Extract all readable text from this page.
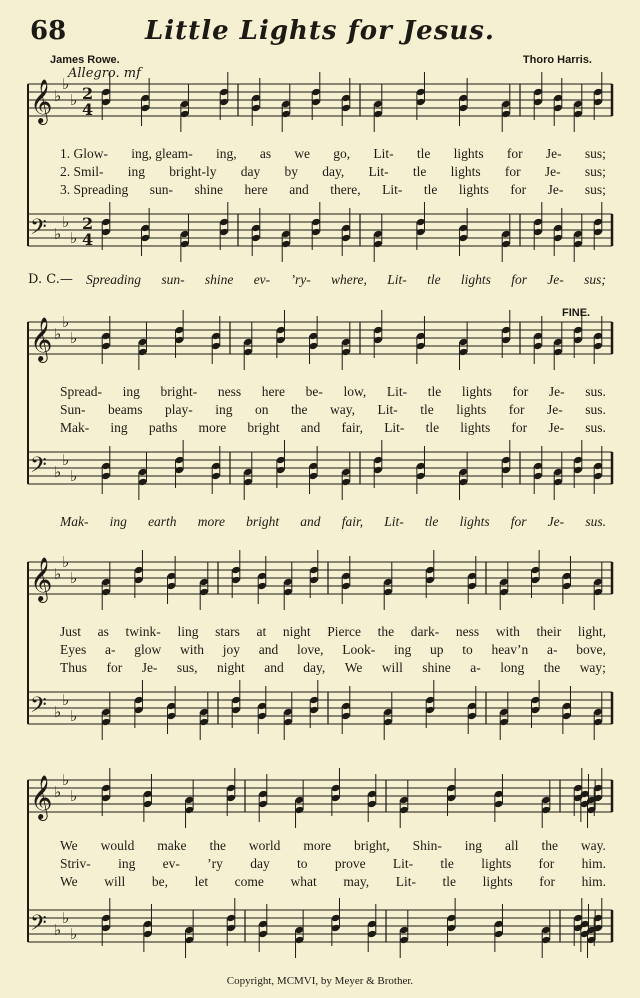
68	Little Lights for Jesus.
James Rowe.	Thoro Harris.
Allegro. mf
FINE.
𝄞 ♭
♭
♭ 2
4
𝄢 ♭
♭
♭
2
4
𝄞 ♭
♭
♭
𝄢 ♭
♭
♭
𝄞 ♭
♭
♭
𝄢 ♭
♭
♭
𝄞 ♭
♭
♭
𝄢 ♭
♭
♭
1. Glow- ing, gleam- ing, as we go, Lit- tle lights for Je- sus;
2. Smil- ing bright-ly day by day, Lit- tle lights for Je- sus;
3. Spreading sun- shine here and there, Lit- tle lights for Je- sus;
D. C.— Spreading sun- shine ev- ’ry- where, Lit- tle lights for Je- sus;
Spread- ing bright- ness here be- low, Lit- tle lights for Je- sus.
Sun- beams play- ing on the way, Lit- tle lights for Je- sus.
Mak- ing paths more bright and fair, Lit- tle lights for Je- sus.
Mak- ing earth more bright and fair, Lit- tle lights for Je- sus.
Just as twink- ling stars at night Pierce the dark- ness with their light,
Eyes a- glow with joy and love, Look- ing up to heav’n a- bove,
Thus for Je- sus, night and day, We will shine a- long the way;
We would make the world more bright, Shin- ing all the way.
Striv- ing ev- ’ry day to prove Lit- tle lights for him.
We will be, let come what may, Lit- tle lights for him.
Copyright, MCMVI, by Meyer & Brother.
